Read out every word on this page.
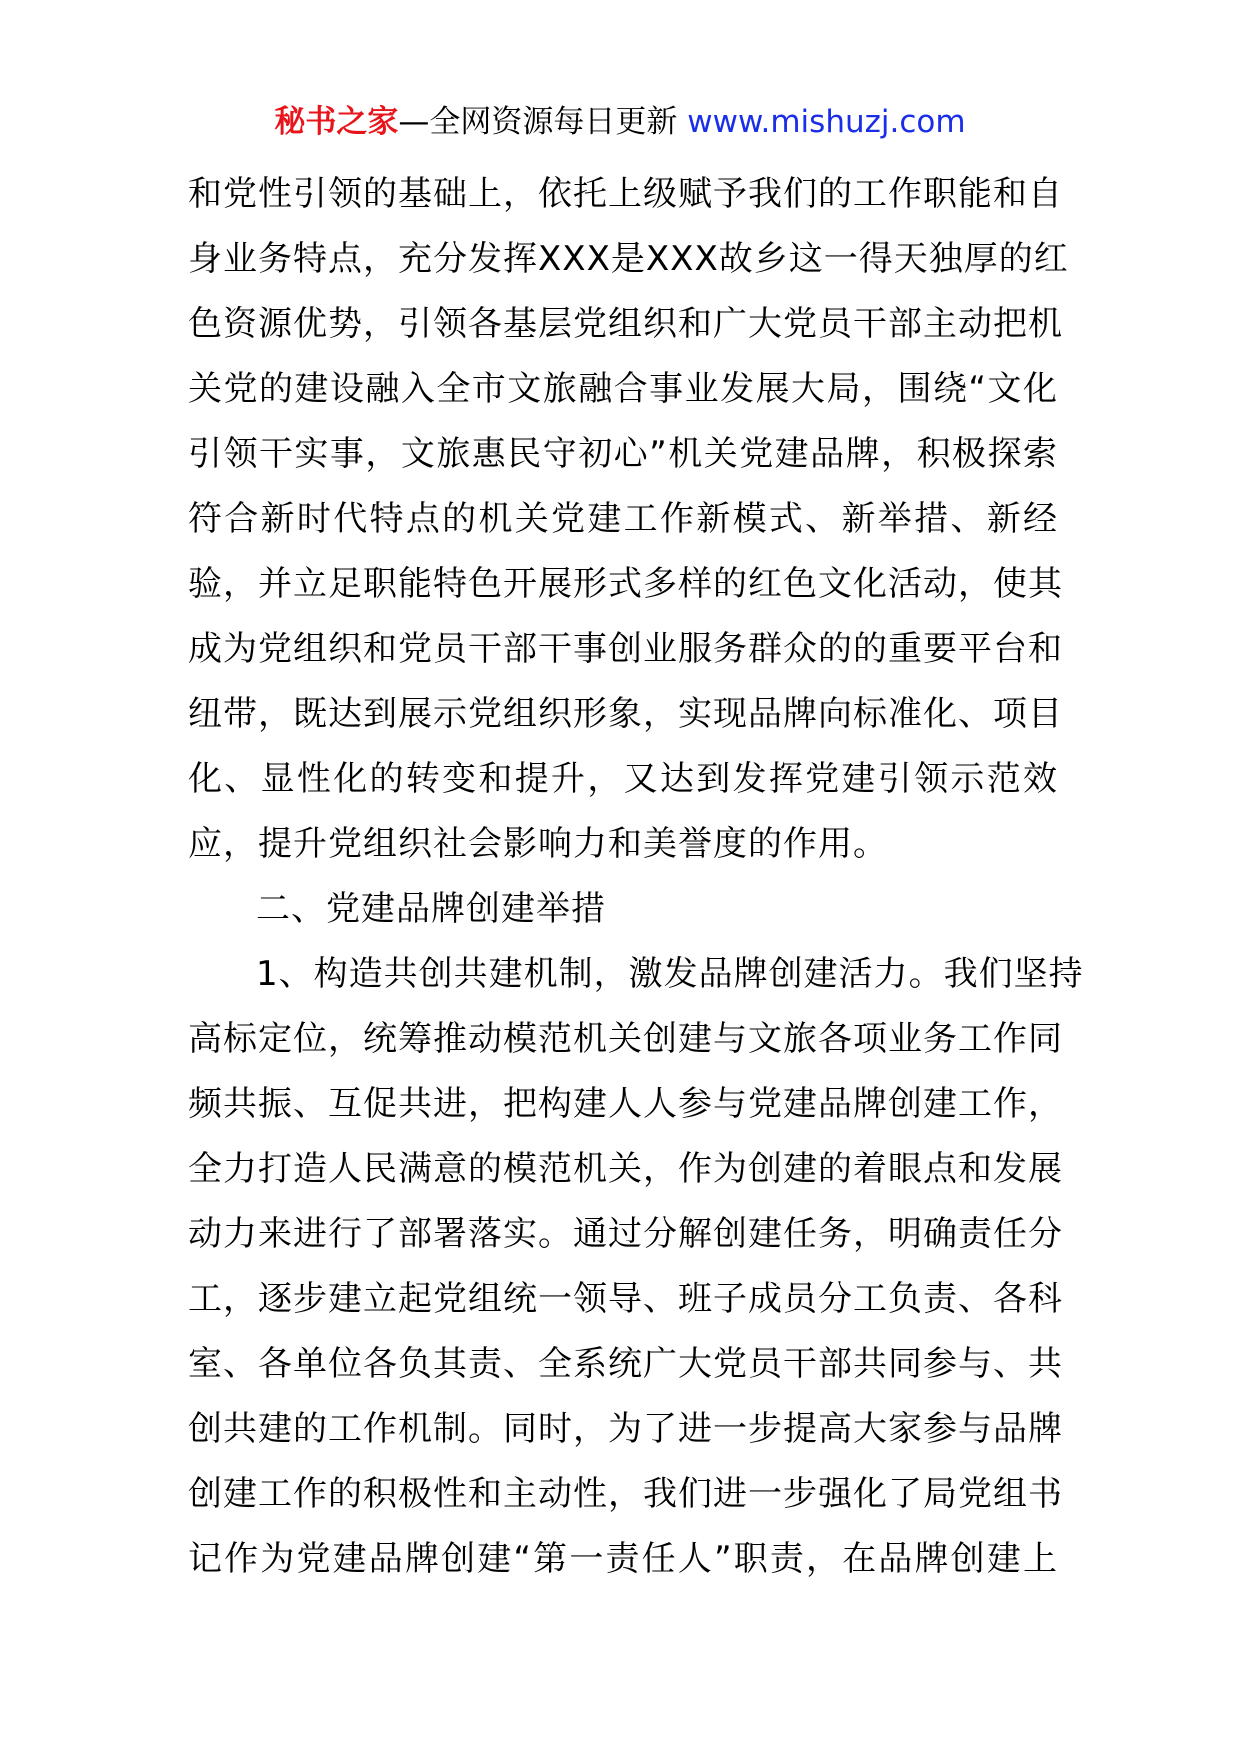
秘书之家—全网资源每日更新 www.mishuzj.com
和党性引领的基础上，依托上级赋予我们的工作职能和自
身业务特点，充分发挥XXX是XXX故乡这一得天独厚的红
色资源优势，引领各基层党组织和广大党员干部主动把机
关党的建设融入全市文旅融合事业发展大局，围绕“文化
引领干实事，文旅惠民守初心”机关党建品牌，积极探索
符合新时代特点的机关党建工作新模式、新举措、新经
验，并立足职能特色开展形式多样的红色文化活动，使其
成为党组织和党员干部干事创业服务群众的的重要平台和
纽带，既达到展示党组织形象，实现品牌向标准化、项目
化、显性化的转变和提升，又达到发挥党建引领示范效
应，提升党组织社会影响力和美誉度的作用。
二、党建品牌创建举措
1、构造共创共建机制，激发品牌创建活力。我们坚持
高标定位，统筹推动模范机关创建与文旅各项业务工作同
频共振、互促共进，把构建人人参与党建品牌创建工作，
全力打造人民满意的模范机关，作为创建的着眼点和发展
动力来进行了部署落实。通过分解创建任务，明确责任分
工，逐步建立起党组统一领导、班子成员分工负责、各科
室、各单位各负其责、全系统广大党员干部共同参与、共
创共建的工作机制。同时，为了进一步提高大家参与品牌
创建工作的积极性和主动性，我们进一步强化了局党组书
记作为党建品牌创建“第一责任人”职责，在品牌创建上
